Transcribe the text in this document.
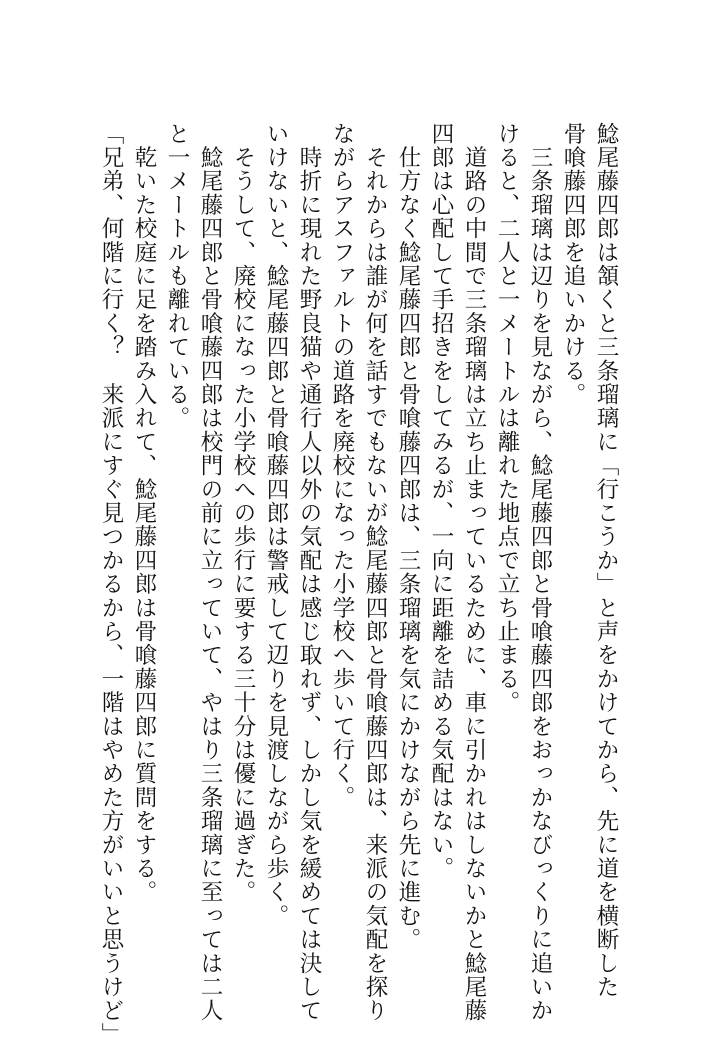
鯰尾藤四郎は頷くと三条瑠璃に「行こうか」と声をかけてから、先に道を横断した

骨喰藤四郎を追いかける。

　三条瑠璃は辺りを見ながら、鯰尾藤四郎と骨喰藤四郎をおっかなびっくりに追いか

けると、二人と一メートルは離れた地点で立ち止まる。

　道路の中間で三条瑠璃は立ち止まっているために、車に引かれはしないかと鯰尾藤

四郎は心配して手招きをしてみるが、一向に距離を詰める気配はない。

　仕方なく鯰尾藤四郎と骨喰藤四郎は、三条瑠璃を気にかけながら先に進む。

　それからは誰が何を話すでもないが鯰尾藤四郎と骨喰藤四郎は、来派の気配を探り

ながらアスファルトの道路を廃校になった小学校へ歩いて行く。

　時折に現れた野良猫や通行人以外の気配は感じ取れず、しかし気を緩めては決して

いけないと、鯰尾藤四郎と骨喰藤四郎は警戒して辺りを見渡しながら歩く。

　そうして、廃校になった小学校への歩行に要する三十分は優に過ぎた。

　鯰尾藤四郎と骨喰藤四郎は校門の前に立っていて、やはり三条瑠璃に至っては二人

と一メートルも離れている。

　乾いた校庭に足を踏み入れて、鯰尾藤四郎は骨喰藤四郎に質問をする。

「兄弟、何階に行く？　来派にすぐ見つかるから、一階はやめた方がいいと思うけど」
